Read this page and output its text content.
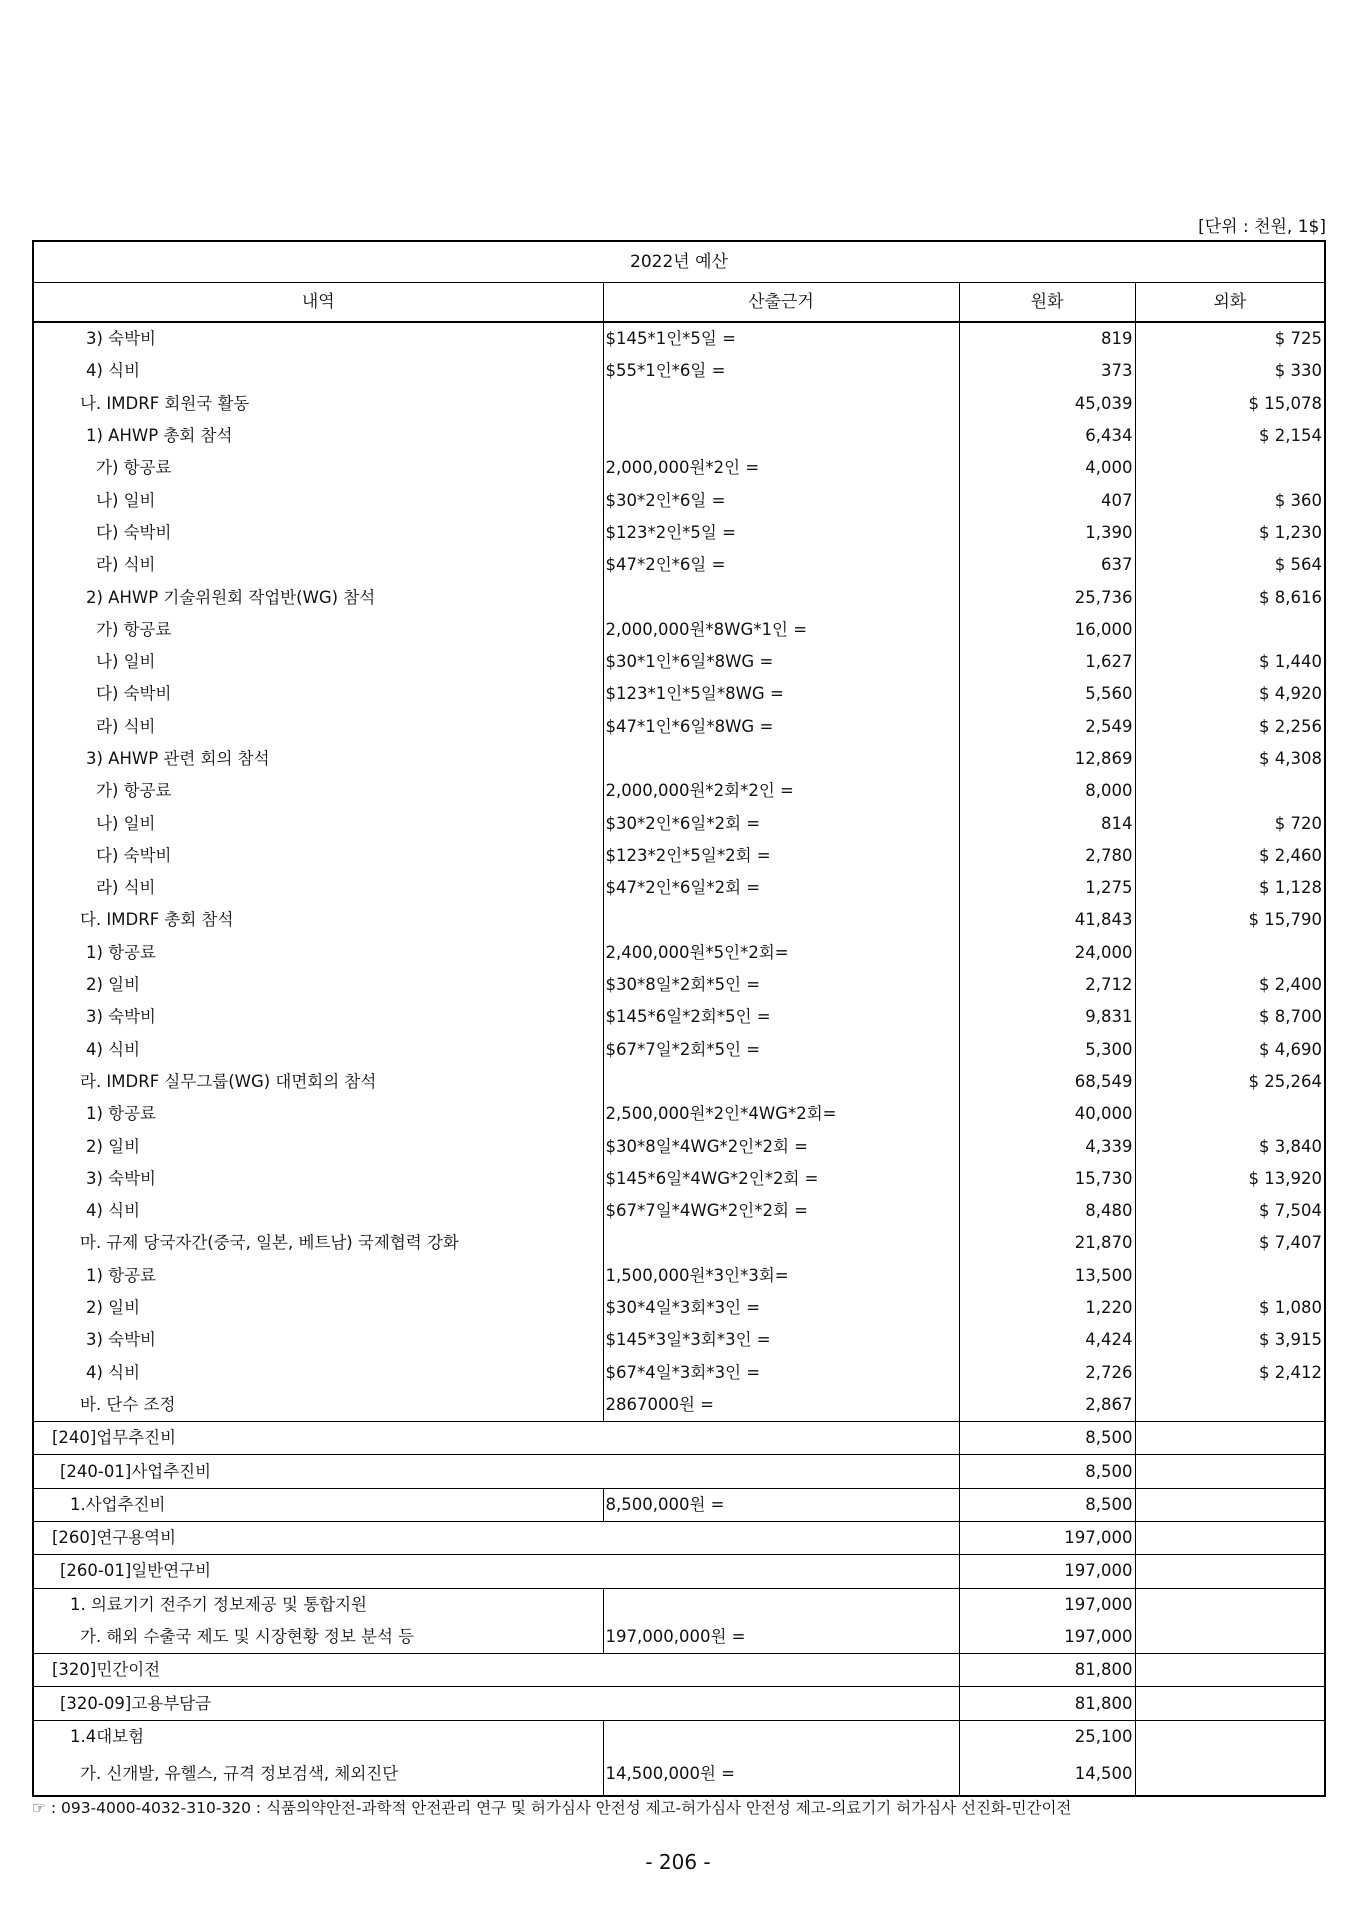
[단위 : 천원, 1$]
2022년 예산			
내역	산출근거	원화	외화
3) 숙박비	$145*1인*5일 =	819	$ 725
4) 식비	$55*1인*6일 =	373	$ 330
나. IMDRF 회원국 활동		45,039	$ 15,078
1) AHWP 총회 참석		6,434	$ 2,154
가) 항공료	2,000,000원*2인 =	4,000	
나) 일비	$30*2인*6일 =	407	$ 360
다) 숙박비	$123*2인*5일 =	1,390	$ 1,230
라) 식비	$47*2인*6일 =	637	$ 564
2) AHWP 기술위원회 작업반(WG) 참석		25,736	$ 8,616
가) 항공료	2,000,000원*8WG*1인 =	16,000	
나) 일비	$30*1인*6일*8WG =	1,627	$ 1,440
다) 숙박비	$123*1인*5일*8WG =	5,560	$ 4,920
라) 식비	$47*1인*6일*8WG =	2,549	$ 2,256
3) AHWP 관련 회의 참석		12,869	$ 4,308
가) 항공료	2,000,000원*2회*2인 =	8,000	
나) 일비	$30*2인*6일*2회 =	814	$ 720
다) 숙박비	$123*2인*5일*2회 =	2,780	$ 2,460
라) 식비	$47*2인*6일*2회 =	1,275	$ 1,128
다. IMDRF 총회 참석		41,843	$ 15,790
1) 항공료	2,400,000원*5인*2회=	24,000	
2) 일비	$30*8일*2회*5인 =	2,712	$ 2,400
3) 숙박비	$145*6일*2회*5인 =	9,831	$ 8,700
4) 식비	$67*7일*2회*5인 =	5,300	$ 4,690
라. IMDRF 실무그룹(WG) 대면회의 참석		68,549	$ 25,264
1) 항공료	2,500,000원*2인*4WG*2회=	40,000	
2) 일비	$30*8일*4WG*2인*2회 =	4,339	$ 3,840
3) 숙박비	$145*6일*4WG*2인*2회 =	15,730	$ 13,920
4) 식비	$67*7일*4WG*2인*2회 =	8,480	$ 7,504
마. 규제 당국자간(중국, 일본, 베트남) 국제협력 강화		21,870	$ 7,407
1) 항공료	1,500,000원*3인*3회=	13,500	
2) 일비	$30*4일*3회*3인 =	1,220	$ 1,080
3) 숙박비	$145*3일*3회*3인 =	4,424	$ 3,915
4) 식비	$67*4일*3회*3인 =	2,726	$ 2,412
바. 단수 조정	2867000원 =	2,867	
[240]업무추진비		8,500	
[240-01]사업추진비		8,500	
1.사업추진비	8,500,000원 =	8,500	
[260]연구용역비		197,000	
[260-01]일반연구비		197,000	
1. 의료기기 전주기 정보제공 및 통합지원		197,000	
가. 해외 수출국 제도 및 시장현황 정보 분석 등	197,000,000원 =	197,000	
[320]민간이전		81,800	
[320-09]고용부담금		81,800	
1.4대보험		25,100	
가. 신개발, 유헬스, 규격 정보검색, 체외진단	14,500,000원 =	14,500	
☞ : 093-4000-4032-310-320 : 식품의약안전-과학적 안전관리 연구 및 허가심사 안전성 제고-허가심사 안전성 제고-의료기기 허가심사 선진화-민간이전
- 206 -
